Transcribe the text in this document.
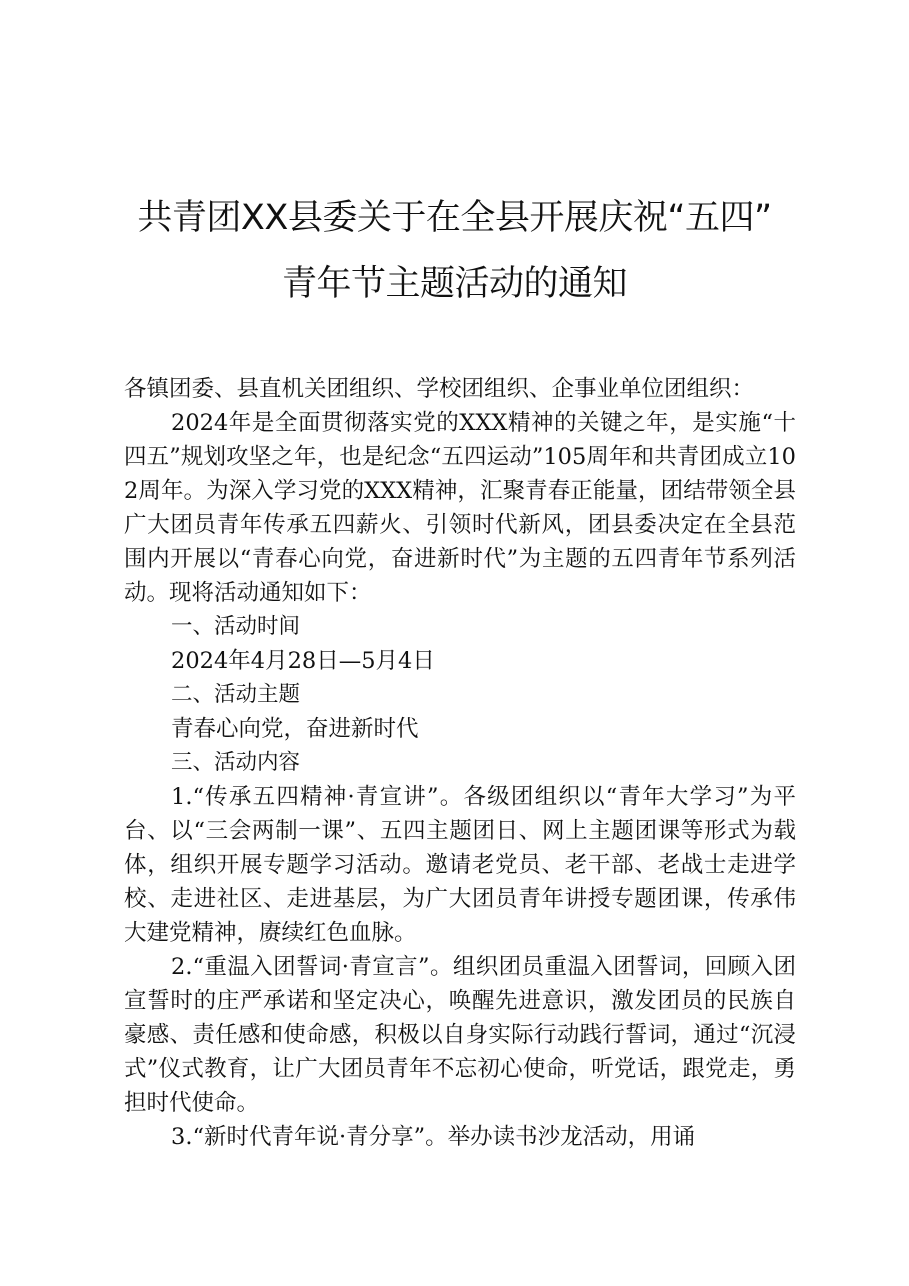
共青团XX县委关于在全县开展庆祝“五四”
青年节主题活动的通知

各镇团委、县直机关团组织、学校团组织、企事业单位团组织：

2024年是全面贯彻落实党的XXX精神的关键之年，是实施“十四五”规划攻坚之年，也是纪念“五四运动”105周年和共青团成立102周年。为深入学习党的XXX精神，汇聚青春正能量，团结带领全县广大团员青年传承五四薪火、引领时代新风，团县委决定在全县范围内开展以“青春心向党，奋进新时代”为主题的五四青年节系列活动。现将活动通知如下：

一、活动时间

2024年4月28日—5月4日

二、活动主题

青春心向党，奋进新时代

三、活动内容

1.“传承五四精神·青宣讲”。各级团组织以“青年大学习”为平台、以“三会两制一课”、五四主题团日、网上主题团课等形式为载体，组织开展专题学习活动。邀请老党员、老干部、老战士走进学校、走进社区、走进基层，为广大团员青年讲授专题团课，传承伟大建党精神，赓续红色血脉。

2.“重温入团誓词·青宣言”。组织团员重温入团誓词，回顾入团宣誓时的庄严承诺和坚定决心，唤醒先进意识，激发团员的民族自豪感、责任感和使命感，积极以自身实际行动践行誓词，通过“沉浸式”仪式教育，让广大团员青年不忘初心使命，听党话，跟党走，勇担时代使命。

3.“新时代青年说·青分享”。举办读书沙龙活动，用诵
